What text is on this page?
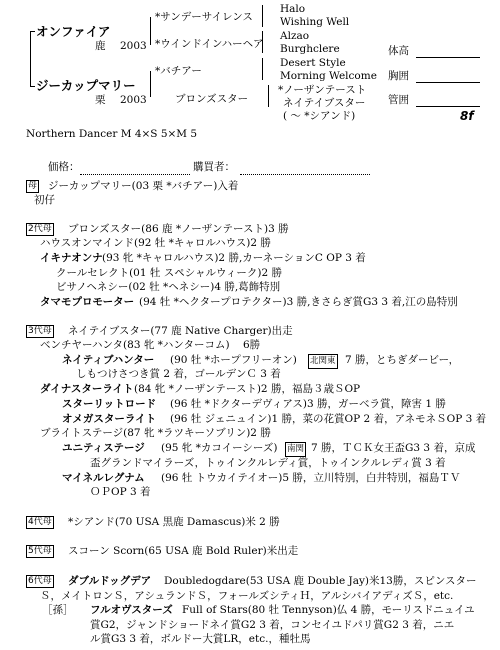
オンファイア
鹿 2003
ジーカップマリー
栗 2003
*サンデーサイレンス
*ウインドインハーヘア
*バチアー
ブロンズスター
Halo
Wishing Well
Alzao
Burghclere
Desert Style
Morning Welcome
*ノーザンテースト
ネイテイブスター
( ～ *シアンド)	8f
体高
胸囲
管囲
Northern Dancer M 4×S 5×M 5
価格：	購買者：
母 ジーカップマリー(03 栗 *バチアー)入着
初仔
2代母 ブロンズスター(86 鹿 *ノーザンテースト)3 勝
ハウスオンマインド(92 牡 *キャロルハウス)2 勝
イキナオンナ (93 牝 *キャロルハウス)2 勝,カーネーションC OP 3 着
クールセレクト(01 牡 スペシャルウィーク)2 勝
ビサノヘネシー(02 牡 *ヘネシー)4 勝,葛飾特別
タマモプロモーター (94 牡 *ヘクタープロテクター)3 勝,きさらぎ賞G3 3 着,江の島特別
3代母 ネイテイブスター(77 鹿 Native Charger)出走
ベンチヤーハンタ(83 牝 *ハンターコム) 6勝
ネイティブハンター (90 牡 *ホープフリーオン) 北関東 7 勝，とちぎダービー，
しもつけさつき賞 2 着，ゴールデンＣ 3 着
ダイナスターライト (84 牝 *ノーザンテースト)2 勝，福島３歳ＳOP
スターリットロード (96 牡 *ドクターデヴィアス)3 勝，ガーベラ賞，障害 1 勝
オメガスターライト (96 牡 ジェニュイン)1 勝，菜の花賞OP 2 着，アネモネＳOP 3 着
ブライトステージ(87 牝 *ラツキーソブリン)2 勝
ユニティステージ (95 牝 *カコイーシーズ) 南関 7 勝，ＴＣＫ女王盃G3 3 着，京成
盃グランドマイラーズ，トゥインクルレディ賞，トゥインクルレディ賞 3 着
マイネルレグナム (96 牡 トウカイテイオー)5 勝，立川特別，白井特別，福島ＴＶ
ＯＰOP 3 着
4代母 *シアンド(70 USA 黒鹿 Damascus)米 2 勝
5代母 スコーン Scorn(65 USA 鹿 Bold Ruler)米出走
6代母 ダブルドッグデア Doubledogdare(53 USA 鹿 Double Jay)米13勝，スピンスター
Ｓ，メイトロンＳ，アシュランドＳ，フォールズシティＨ，アルシバイアディズＳ，etc.
［孫］ フルオヴスターズ Full of Stars(80 牡 Tennyson)仏 4 勝，モーリスドニュイユ
賞G2，ジャンドショードネイ賞G2 3 着，コンセイユドパリ賞G2 3 着，ニエ
ル賞G3 3 着，ボルドー大賞LR，etc.，種牡馬
